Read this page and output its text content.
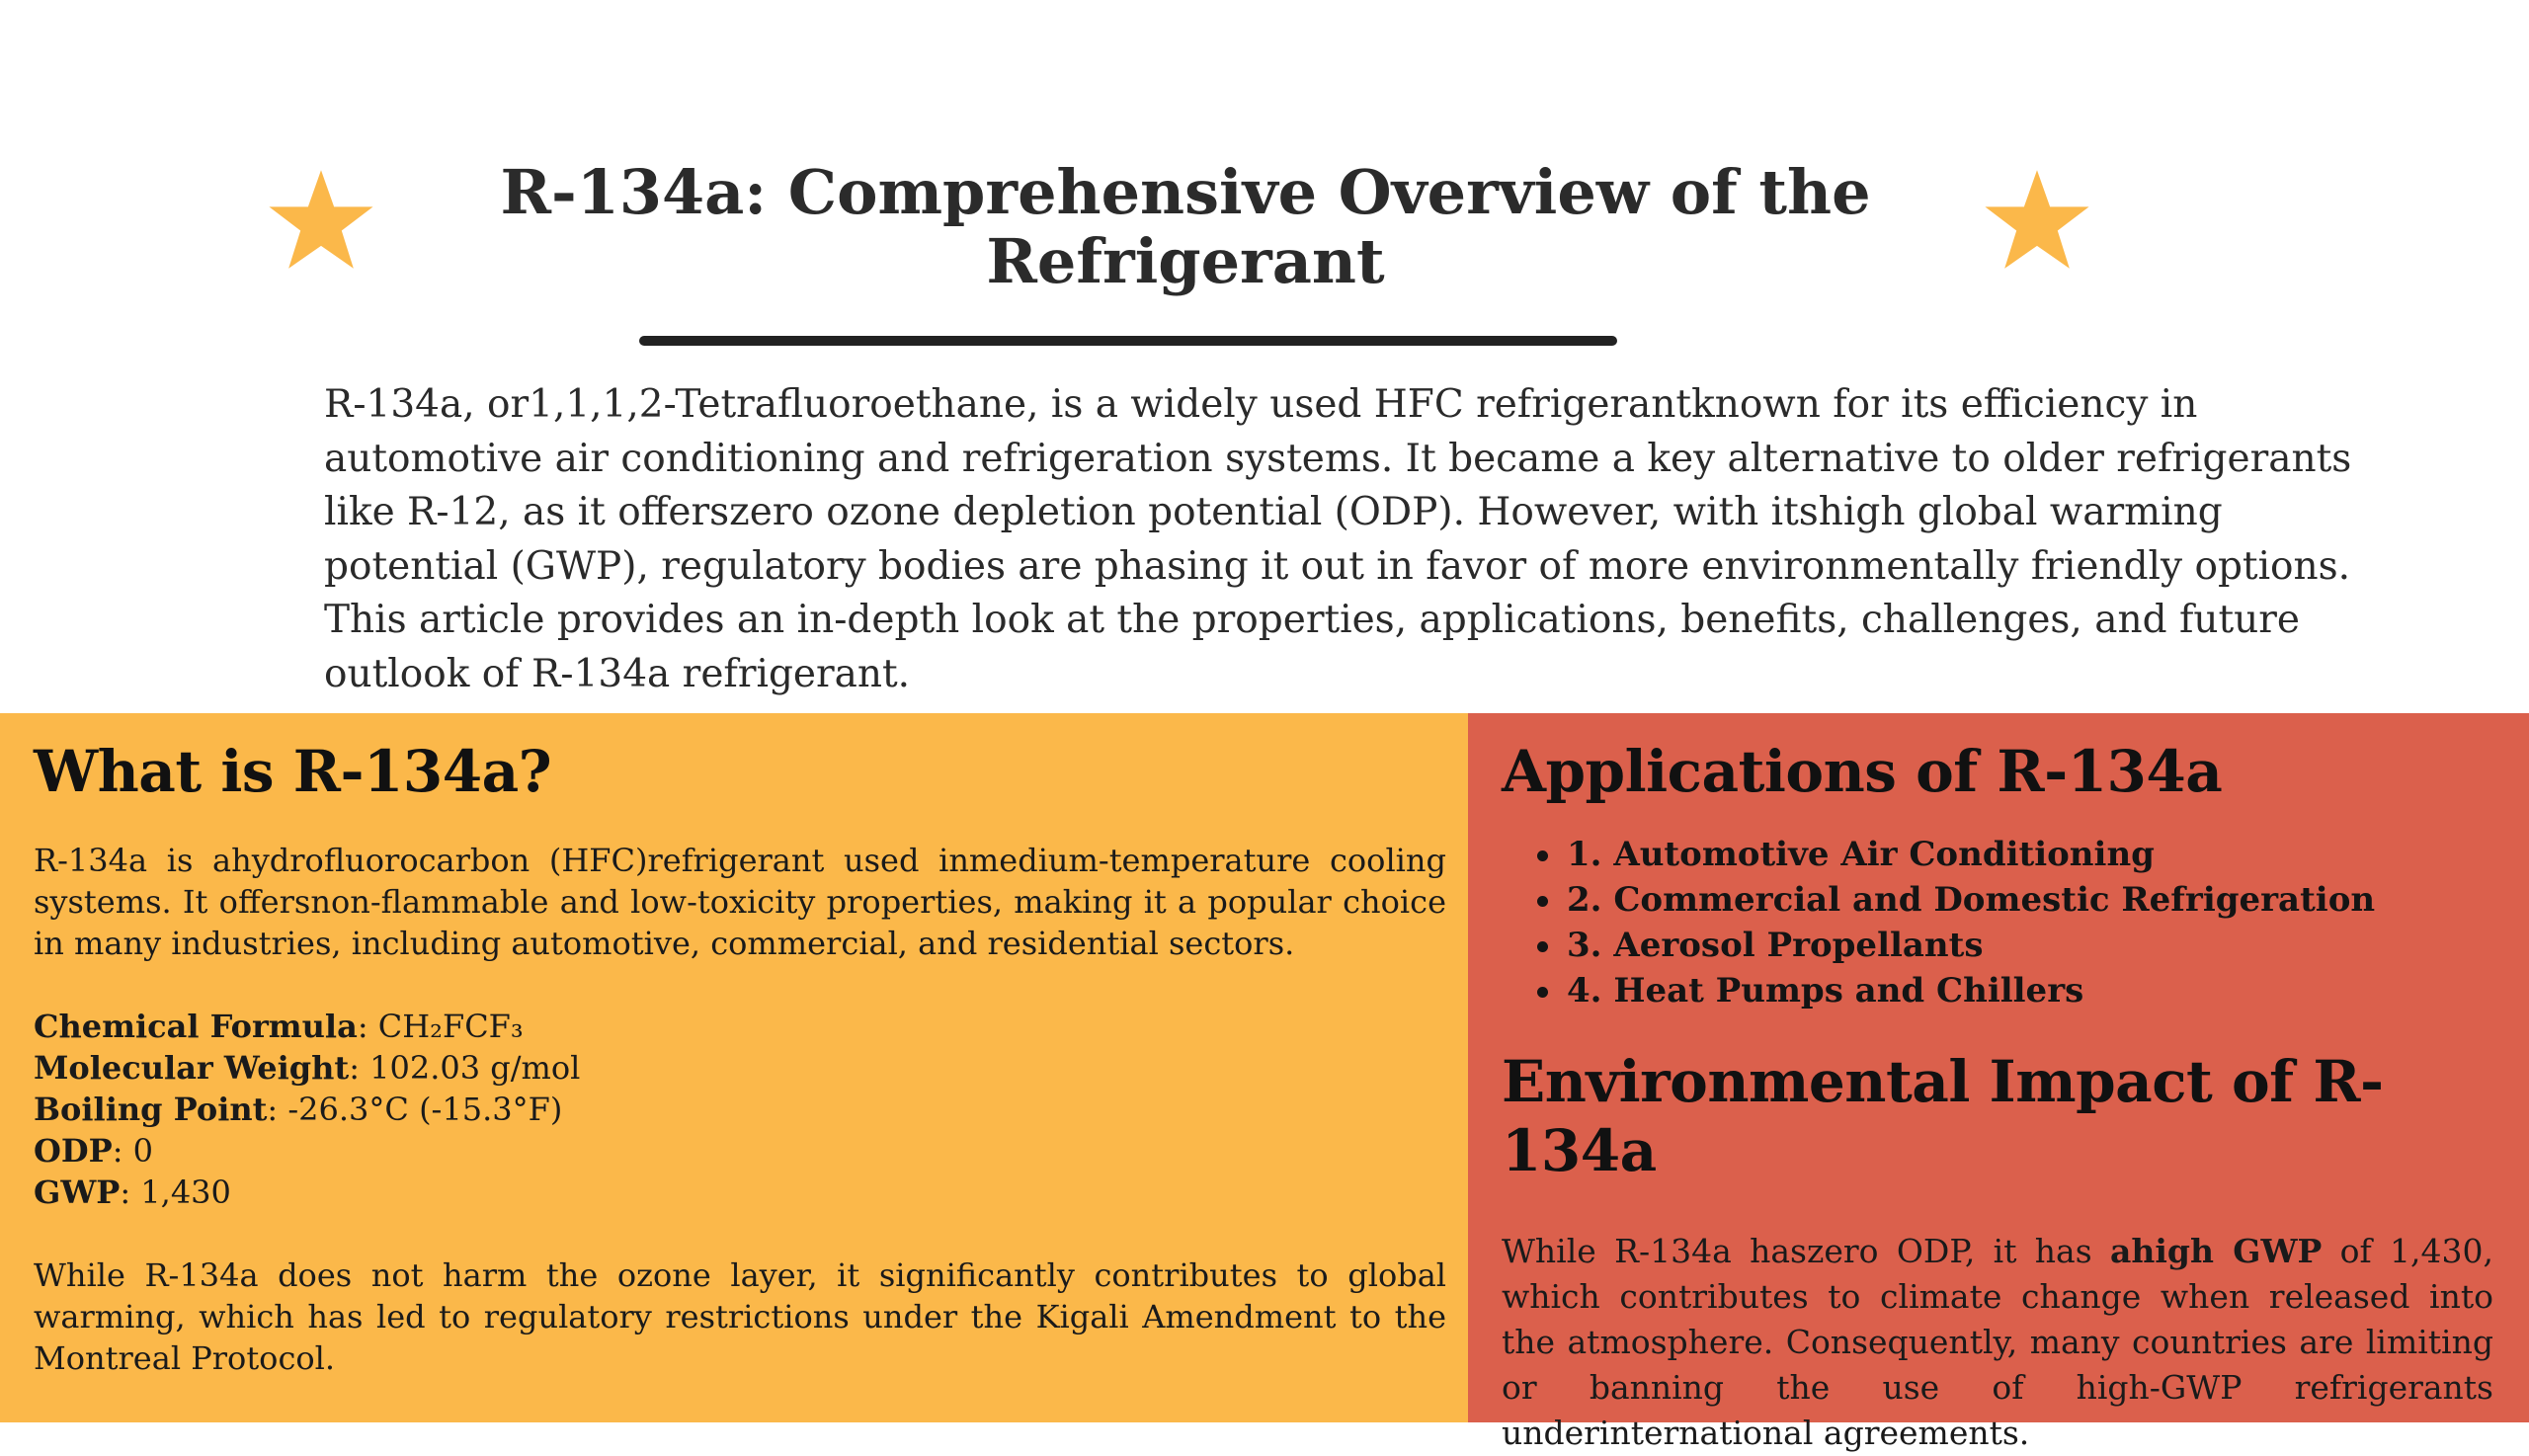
R-134a: Comprehensive Overview of the Refrigerant

R-134a, or1,1,1,2-Tetrafluoroethane, is a widely used HFC refrigerantknown for its efficiency in automotive air conditioning and refrigeration systems. It became a key alternative to older refrigerants like R-12, as it offerszero ozone depletion potential (ODP). However, with itshigh global warming potential (GWP), regulatory bodies are phasing it out in favor of more environmentally friendly options. This article provides an in-depth look at the properties, applications, benefits, challenges, and future outlook of R-134a refrigerant.

What is R-134a?

R-134a is ahydrofluorocarbon (HFC)refrigerant used inmedium-temperature cooling systems. It offersnon-flammable and low-toxicity properties, making it a popular choice in many industries, including automotive, commercial, and residential sectors.

Chemical Formula: CH₂FCF₃
Molecular Weight: 102.03 g/mol
Boiling Point: -26.3°C (-15.3°F)
ODP: 0
GWP: 1,430

While R-134a does not harm the ozone layer, it significantly contributes to global warming, which has led to regulatory restrictions under the Kigali Amendment to the Montreal Protocol.

Applications of R-134a
1. Automotive Air Conditioning
2. Commercial and Domestic Refrigeration
3. Aerosol Propellants
4. Heat Pumps and Chillers
Environmental Impact of R-134a

While R-134a haszero ODP, it has ahigh GWP of 1,430, which contributes to climate change when released into the atmosphere. Consequently, many countries are limiting or banning the use of high-GWP refrigerants underinternational agreements.
